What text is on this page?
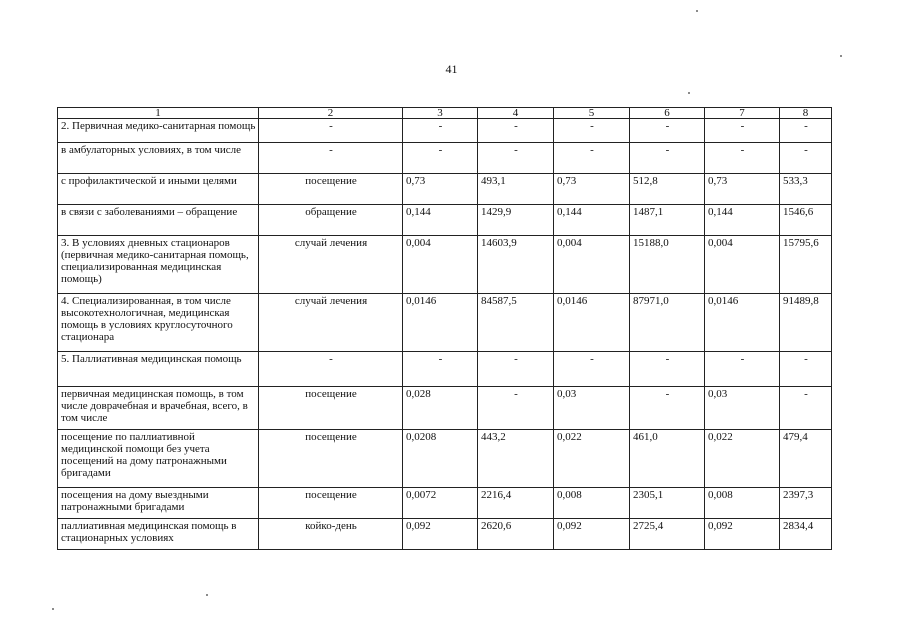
41
1	2	3	4	5	6	7	8
2. Первичная медико-санитарная помощь	-	-	-	-	-	-	-
в амбулаторных условиях, в том числе	-	-	-	-	-	-	-
с профилактической и иными целями	посещение	0,73	493,1	0,73	512,8	0,73	533,3
в связи с заболеваниями – обращение	обращение	0,144	1429,9	0,144	1487,1	0,144	1546,6
3. В условиях дневных стационаров (первичная медико-санитарная помощь, специализированная медицинская помощь)	случай лечения	0,004	14603,9	0,004	15188,0	0,004	15795,6
4. Специализированная, в том числе высокотехнологичная, медицинская помощь в условиях круглосуточного стационара	случай лечения	0,0146	84587,5	0,0146	87971,0	0,0146	91489,8
5. Паллиативная медицинская помощь	-	-	-	-	-	-	-
первичная медицинская помощь, в том числе доврачебная и врачебная, всего, в том числе	посещение	0,028	-	0,03	-	0,03	-
посещение по паллиативной медицинской помощи без учета посещений на дому патронажными бригадами	посещение	0,0208	443,2	0,022	461,0	0,022	479,4
посещения на дому выездными патронажными бригадами	посещение	0,0072	2216,4	0,008	2305,1	0,008	2397,3
паллиативная медицинская помощь в стационарных условиях	койко-день	0,092	2620,6	0,092	2725,4	0,092	2834,4
